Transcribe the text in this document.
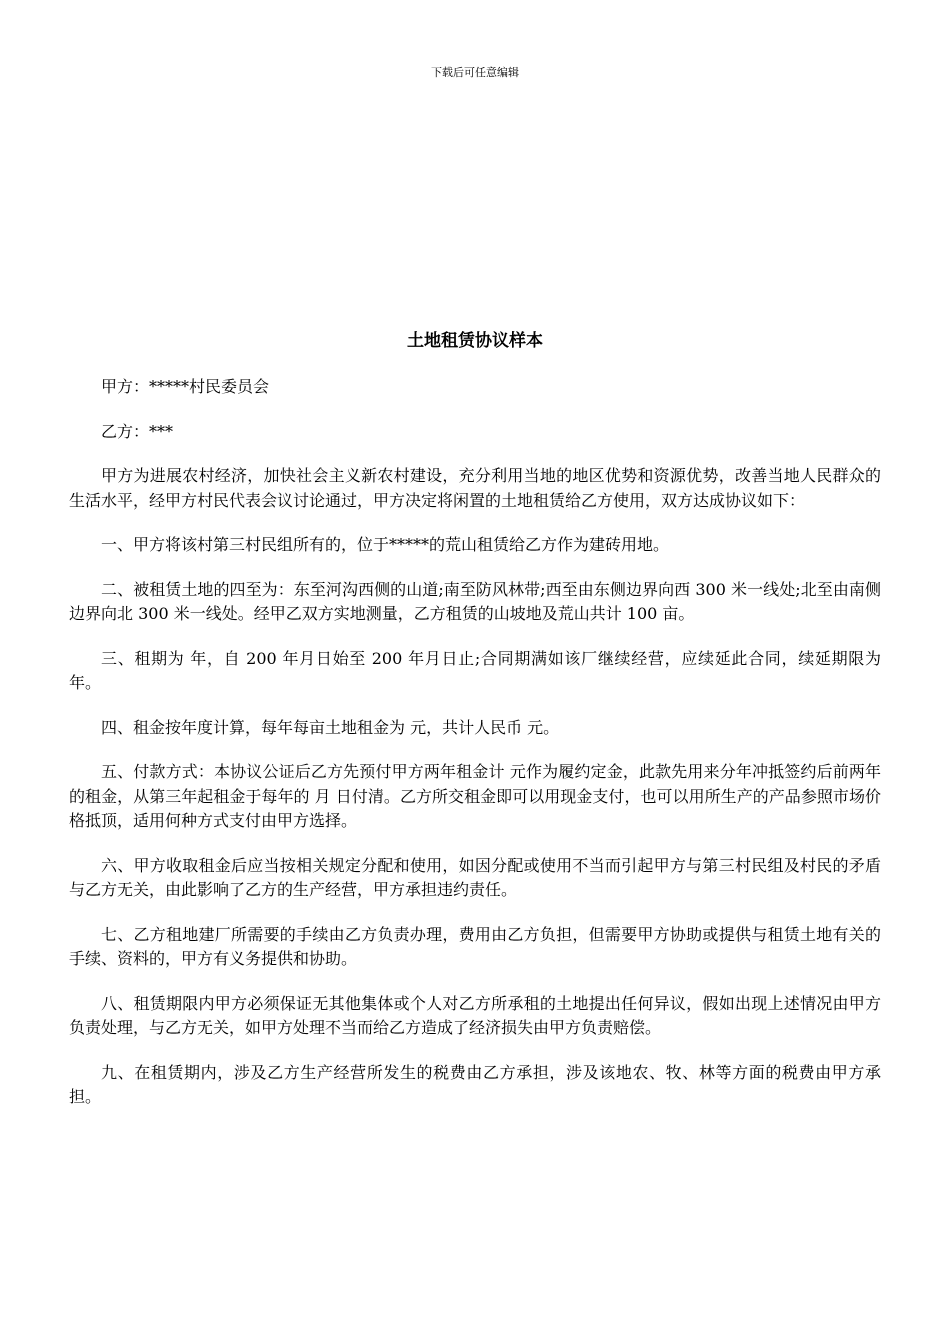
下载后可任意编辑
土地租赁协议样本

甲方：*****村民委员会

乙方：***

甲方为进展农村经济，加快社会主义新农村建设，充分利用当地的地区优势和资源优势，改善当地人民群众的生活水平，经甲方村民代表会议讨论通过，甲方决定将闲置的土地租赁给乙方使用，双方达成协议如下：

一、甲方将该村第三村民组所有的，位于*****的荒山租赁给乙方作为建砖用地。

二、被租赁土地的四至为：东至河沟西侧的山道;南至防风林带;西至由东侧边界向西 300 米一线处;北至由南侧边界向北 300 米一线处。经甲乙双方实地测量，乙方租赁的山坡地及荒山共计 100 亩。

三、租期为 年，自 200 年月日始至 200 年月日止;合同期满如该厂继续经营，应续延此合同，续延期限为 年。

四、租金按年度计算，每年每亩土地租金为 元，共计人民币 元。

五、付款方式：本协议公证后乙方先预付甲方两年租金计 元作为履约定金，此款先用来分年冲抵签约后前两年的租金，从第三年起租金于每年的 月 日付清。乙方所交租金即可以用现金支付，也可以用所生产的产品参照市场价格抵顶，适用何种方式支付由甲方选择。

六、甲方收取租金后应当按相关规定分配和使用，如因分配或使用不当而引起甲方与第三村民组及村民的矛盾与乙方无关，由此影响了乙方的生产经营，甲方承担违约责任。

七、乙方租地建厂所需要的手续由乙方负责办理，费用由乙方负担，但需要甲方协助或提供与租赁土地有关的手续、资料的，甲方有义务提供和协助。

八、租赁期限内甲方必须保证无其他集体或个人对乙方所承租的土地提出任何异议，假如出现上述情况由甲方负责处理，与乙方无关，如甲方处理不当而给乙方造成了经济损失由甲方负责赔偿。

九、在租赁期内，涉及乙方生产经营所发生的税费由乙方承担，涉及该地农、牧、林等方面的税费由甲方承担。
